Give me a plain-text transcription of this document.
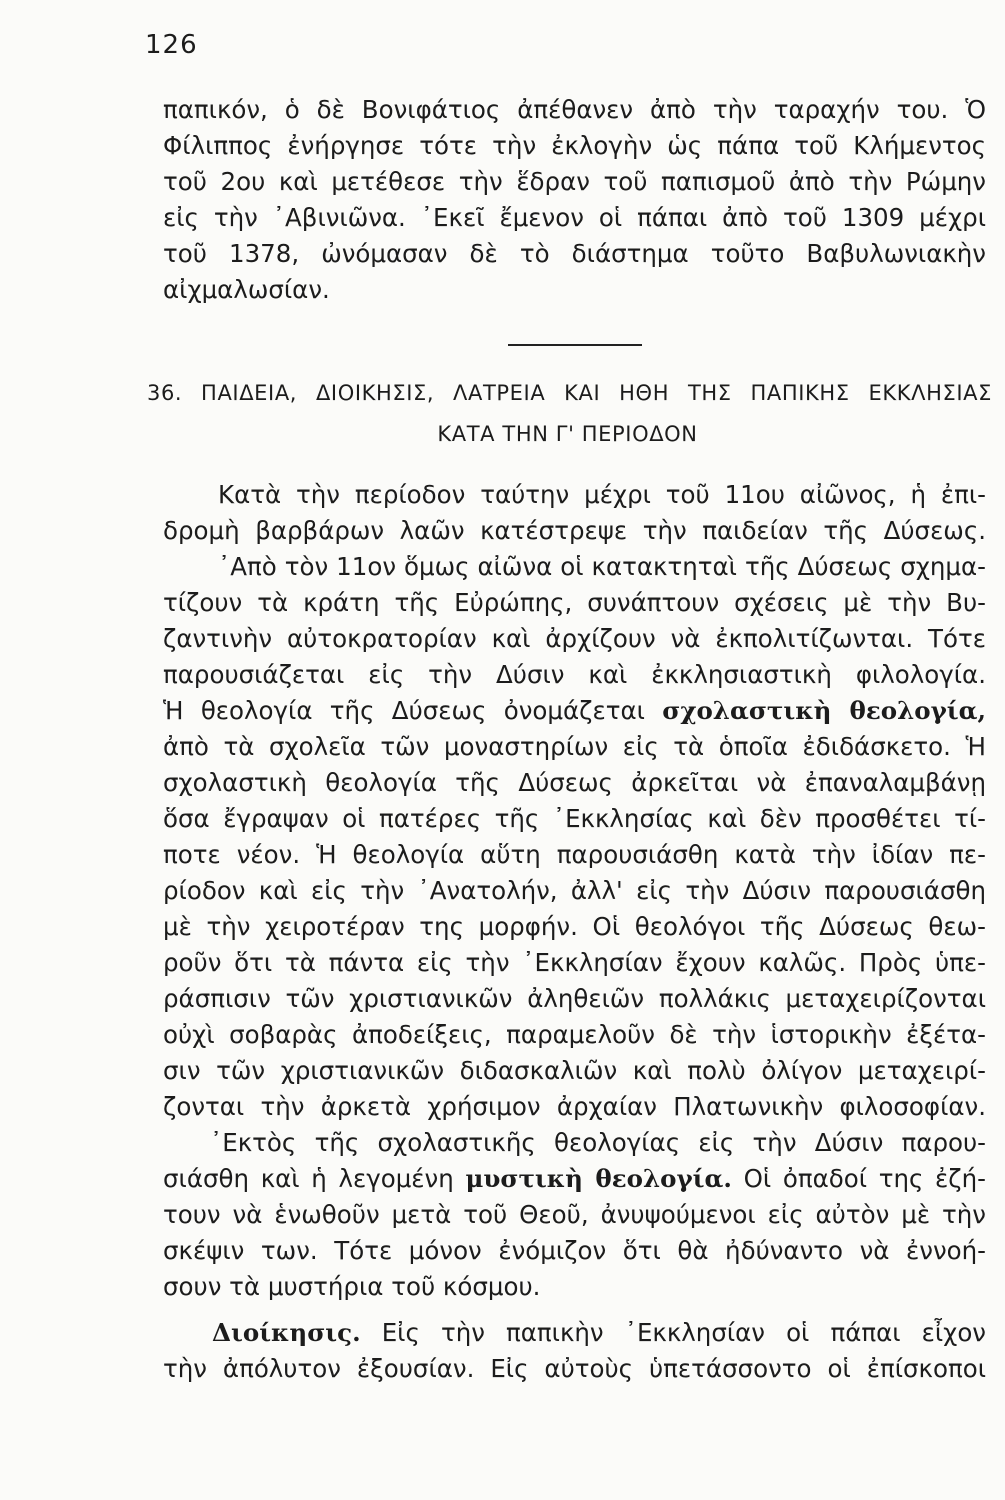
126
παπικόν, ὁ δὲ Βονιφάτιος ἀπέθανεν ἀπὸ τὴν ταραχήν του. Ὁ
Φίλιππος ἐνήργησε τότε τὴν ἐκλογὴν ὡς πάπα τοῦ Κλήμεντος
τοῦ 2ου καὶ μετέθεσε τὴν ἕδραν τοῦ παπισμοῦ ἀπὸ τὴν Ρώμην
εἰς τὴν ᾿Αβινιῶνα. ᾿Εκεῖ ἔμενον οἱ πάπαι ἀπὸ τοῦ 1309 μέχρι
τοῦ 1378, ὠνόμασαν δὲ τὸ διάστημα τοῦτο Βαβυλωνιακὴν
αἰχμαλωσίαν.
36. ΠΑΙΔΕΙΑ, ΔΙΟΙΚΗΣΙΣ, ΛΑΤΡΕΙΑ ΚΑΙ ΗΘΗ ΤΗΣ ΠΑΠΙΚΗΣ ΕΚΚΛΗΣΙΑΣ
ΚΑΤΑ ΤΗΝ Γ' ΠΕΡΙΟΔΟΝ
Κατὰ τὴν περίοδον ταύτην μέχρι τοῦ 11ου αἰῶνος, ἡ ἐπι-
δρομὴ βαρβάρων λαῶν κατέστρεψε τὴν παιδείαν τῆς Δύσεως.
᾿Απὸ τὸν 11ον ὅμως αἰῶνα οἱ κατακτηταὶ τῆς Δύσεως σχημα-
τίζουν τὰ κράτη τῆς Εὐρώπης, συνάπτουν σχέσεις μὲ τὴν Βυ-
ζαντινὴν αὐτοκρατορίαν καὶ ἀρχίζουν νὰ ἐκπολιτίζωνται. Τότε
παρουσιάζεται εἰς τὴν Δύσιν καὶ ἐκκλησιαστικὴ φιλολογία.
Ἡ θεολογία τῆς Δύσεως ὀνομάζεται σχολαστικὴ θεολογία,
ἀπὸ τὰ σχολεῖα τῶν μοναστηρίων εἰς τὰ ὁποῖα ἐδιδάσκετο. Ἡ
σχολαστικὴ θεολογία τῆς Δύσεως ἀρκεῖται νὰ ἐπαναλαμβάνῃ
ὅσα ἔγραψαν οἱ πατέρες τῆς ᾿Εκκλησίας καὶ δὲν προσθέτει τί-
ποτε νέον. Ἡ θεολογία αὕτη παρουσιάσθη κατὰ τὴν ἰδίαν πε-
ρίοδον καὶ εἰς τὴν ᾿Ανατολήν, ἀλλ' εἰς τὴν Δύσιν παρουσιάσθη
μὲ τὴν χειροτέραν της μορφήν. Οἱ θεολόγοι τῆς Δύσεως θεω-
ροῦν ὅτι τὰ πάντα εἰς τὴν ᾿Εκκλησίαν ἔχουν καλῶς. Πρὸς ὑπε-
ράσπισιν τῶν χριστιανικῶν ἀληθειῶν πολλάκις μεταχειρίζονται
οὐχὶ σοβαρὰς ἀποδείξεις, παραμελοῦν δὲ τὴν ἱστορικὴν ἐξέτα-
σιν τῶν χριστιανικῶν διδασκαλιῶν καὶ πολὺ ὀλίγον μεταχειρί-
ζονται τὴν ἀρκετὰ χρήσιμον ἀρχαίαν Πλατωνικὴν φιλοσοφίαν.
᾿Εκτὸς τῆς σχολαστικῆς θεολογίας εἰς τὴν Δύσιν παρου-
σιάσθη καὶ ἡ λεγομένη μυστικὴ θεολογία. Οἱ ὀπαδοί της ἐζή-
τουν νὰ ἑνωθοῦν μετὰ τοῦ Θεοῦ, ἀνυψούμενοι εἰς αὐτὸν μὲ τὴν
σκέψιν των. Τότε μόνον ἐνόμιζον ὅτι θὰ ἠδύναντο νὰ ἐννοή-
σουν τὰ μυστήρια τοῦ κόσμου.
Διοίκησις. Εἰς τὴν παπικὴν ᾿Εκκλησίαν οἱ πάπαι εἶχον
τὴν ἀπόλυτον ἐξουσίαν. Εἰς αὐτοὺς ὑπετάσσοντο οἱ ἐπίσκοποι
